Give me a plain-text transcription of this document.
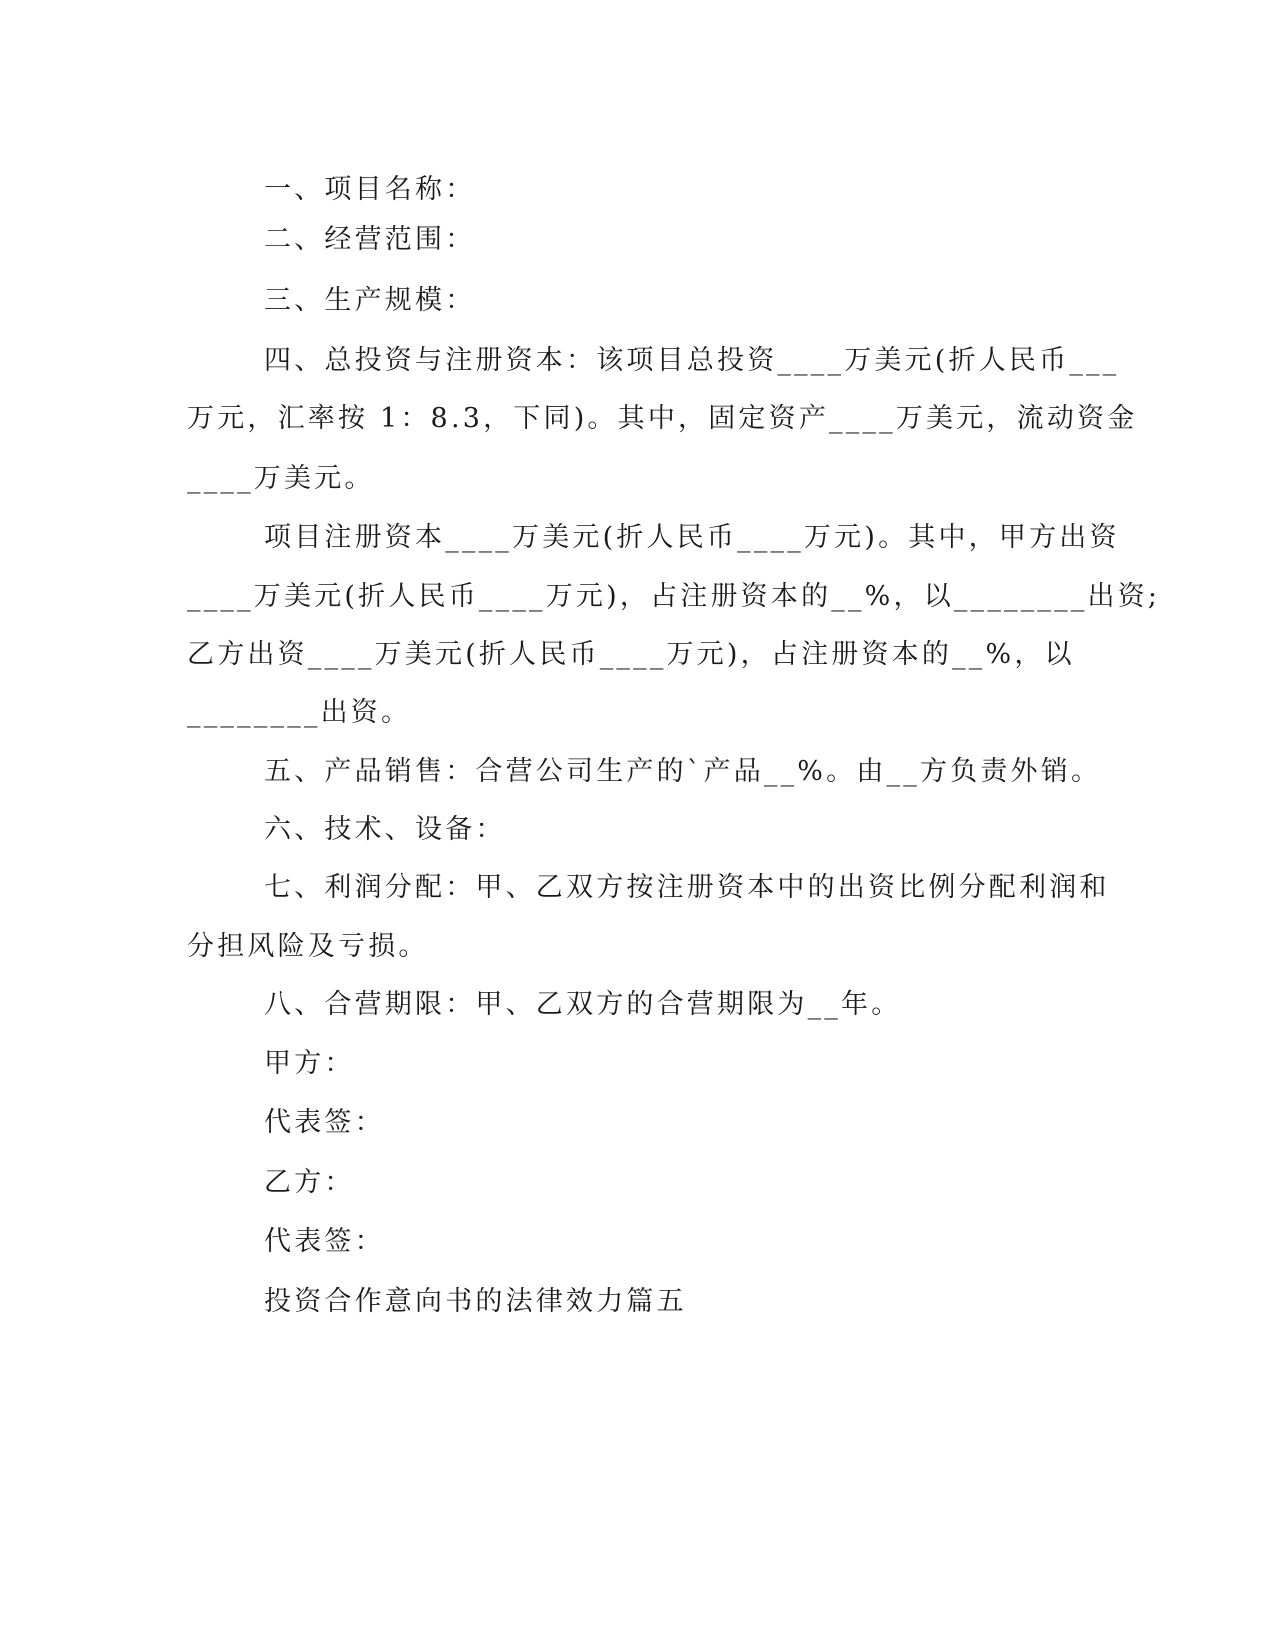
一、项目名称：
二、经营范围：
三、生产规模：
四、总投资与注册资本：该项目总投资____万美元(折人民币___
万元，汇率按 1：8.3，下同)。其中，固定资产____万美元，流动资金
____万美元。
项目注册资本____万美元(折人民币____万元)。其中，甲方出资
____万美元(折人民币____万元)，占注册资本的__%，以________出资;
乙方出资____万美元(折人民币____万元)，占注册资本的__%，以
________出资。
五、产品销售：合营公司生产的`产品__%。由__方负责外销。
六、技术、设备：
七、利润分配：甲、乙双方按注册资本中的出资比例分配利润和
分担风险及亏损。
八、合营期限：甲、乙双方的合营期限为__年。
甲方：
代表签：
乙方：
代表签：
投资合作意向书的法律效力篇五
